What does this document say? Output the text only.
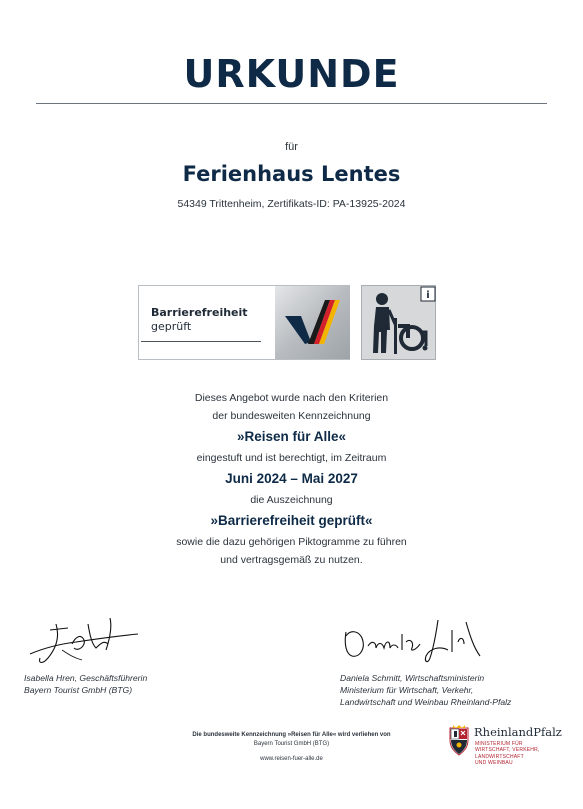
URKUNDE
für
Ferienhaus Lentes
54349 Trittenheim, Zertifikats-ID: PA-13925-2024
Barrierefreiheit
geprüft
i
Dieses Angebot wurde nach den Kriterien
der bundesweiten Kennzeichnung
»Reisen für Alle«
eingestuft und ist berechtigt, im Zeitraum
Juni 2024 – Mai 2027
die Auszeichnung
»Barrierefreiheit geprüft«
sowie die dazu gehörigen Piktogramme zu führen
und vertragsgemäß zu nutzen.
Isabella Hren, Geschäftsführerin
Bayern Tourist GmbH (BTG)
Daniela Schmitt, Wirtschaftsministerin
Ministerium für Wirtschaft, Verkehr,
Landwirtschaft und Weinbau Rheinland-Pfalz
Die bundesweite Kennzeichnung »Reisen für Alle« wird verliehen von
Bayern Tourist GmbH (BTG)
www.reisen-fuer-alle.de
RheinlandPfalz
MINISTERIUM FÜR
WIRTSCHAFT, VERKEHR,
LANDWIRTSCHAFT
UND WEINBAU
